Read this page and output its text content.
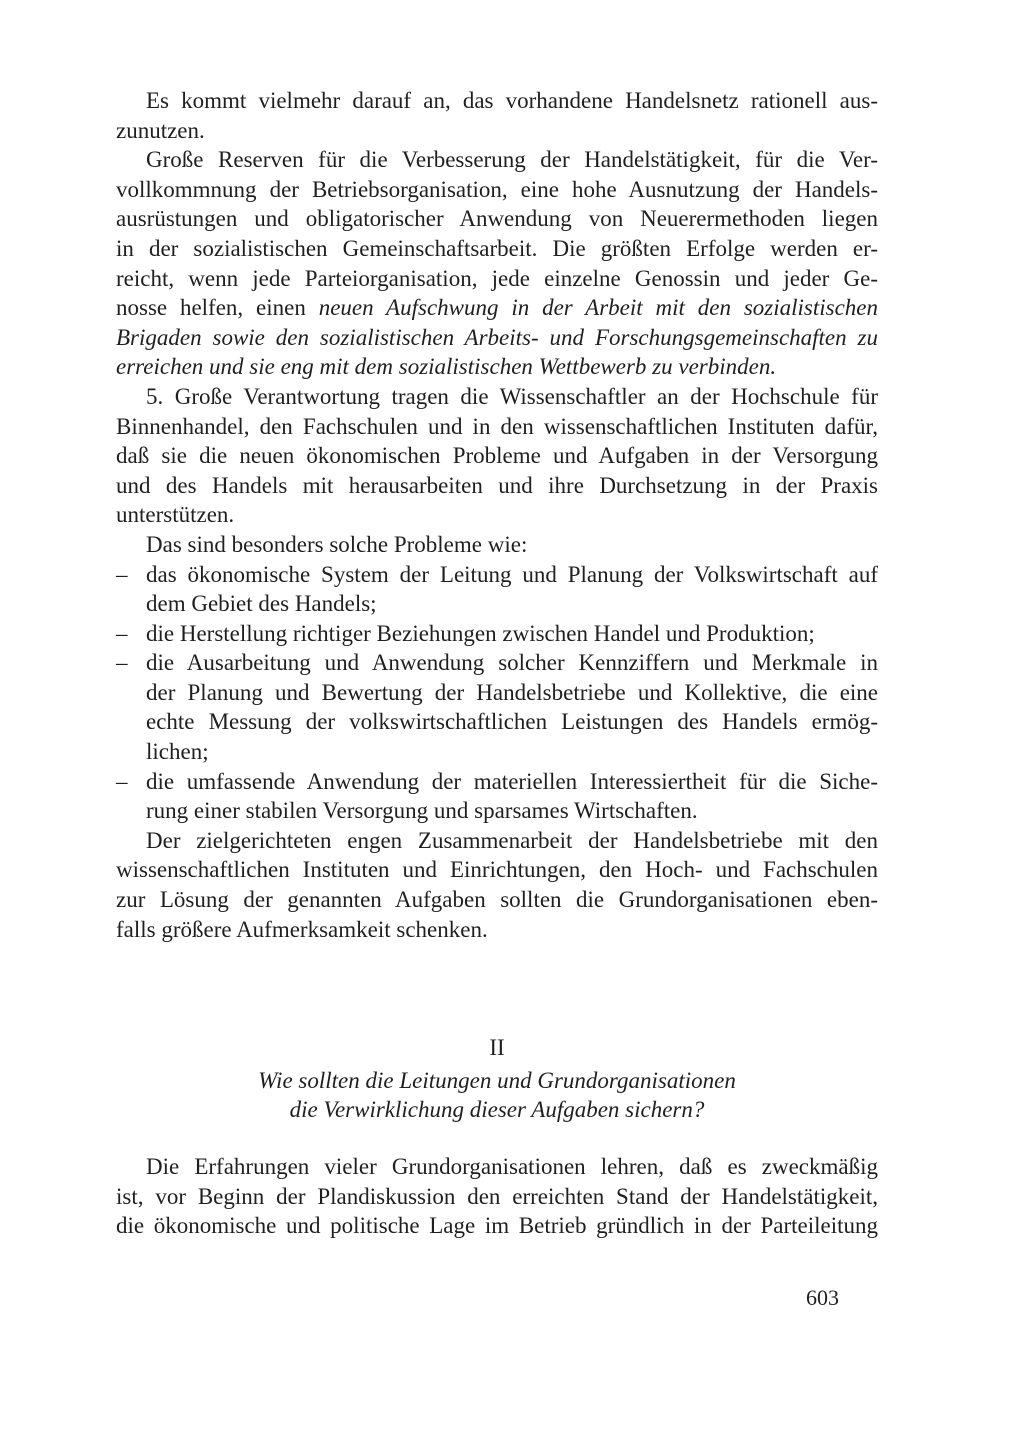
Es kommt vielmehr darauf an, das vorhandene Handelsnetz rationell aus-
zunutzen.
Große Reserven für die Verbesserung der Handelstätigkeit, für die Ver-
vollkommnung der Betriebsorganisation, eine hohe Ausnutzung der Handels-
ausrüstungen und obligatorischer Anwendung von Neuerermethoden liegen
in der sozialistischen Gemeinschaftsarbeit. Die größten Erfolge werden er-
reicht, wenn jede Parteiorganisation, jede einzelne Genossin und jeder Ge-
nosse helfen, einen neuen Aufschwung in der Arbeit mit den sozialistischen
Brigaden sowie den sozialistischen Arbeits- und Forschungsgemeinschaften zu
erreichen und sie eng mit dem sozialistischen Wettbewerb zu verbinden.
5. Große Verantwortung tragen die Wissenschaftler an der Hochschule für
Binnenhandel, den Fachschulen und in den wissenschaftlichen Instituten dafür,
daß sie die neuen ökonomischen Probleme und Aufgaben in der Versorgung
und des Handels mit herausarbeiten und ihre Durchsetzung in der Praxis
unterstützen.
Das sind besonders solche Probleme wie:
– das ökonomische System der Leitung und Planung der Volkswirtschaft auf
dem Gebiet des Handels;
– die Herstellung richtiger Beziehungen zwischen Handel und Produktion;
– die Ausarbeitung und Anwendung solcher Kennziffern und Merkmale in
der Planung und Bewertung der Handelsbetriebe und Kollektive, die eine
echte Messung der volkswirtschaftlichen Leistungen des Handels ermög-
lichen;
– die umfassende Anwendung der materiellen Interessiertheit für die Siche-
rung einer stabilen Versorgung und sparsames Wirtschaften.
Der zielgerichteten engen Zusammenarbeit der Handelsbetriebe mit den
wissenschaftlichen Instituten und Einrichtungen, den Hoch- und Fachschulen
zur Lösung der genannten Aufgaben sollten die Grundorganisationen eben-
falls größere Aufmerksamkeit schenken.
II
Wie sollten die Leitungen und Grundorganisationen
die Verwirklichung dieser Aufgaben sichern?
Die Erfahrungen vieler Grundorganisationen lehren, daß es zweckmäßig
ist, vor Beginn der Plandiskussion den erreichten Stand der Handelstätigkeit,
die ökonomische und politische Lage im Betrieb gründlich in der Parteileitung
603
